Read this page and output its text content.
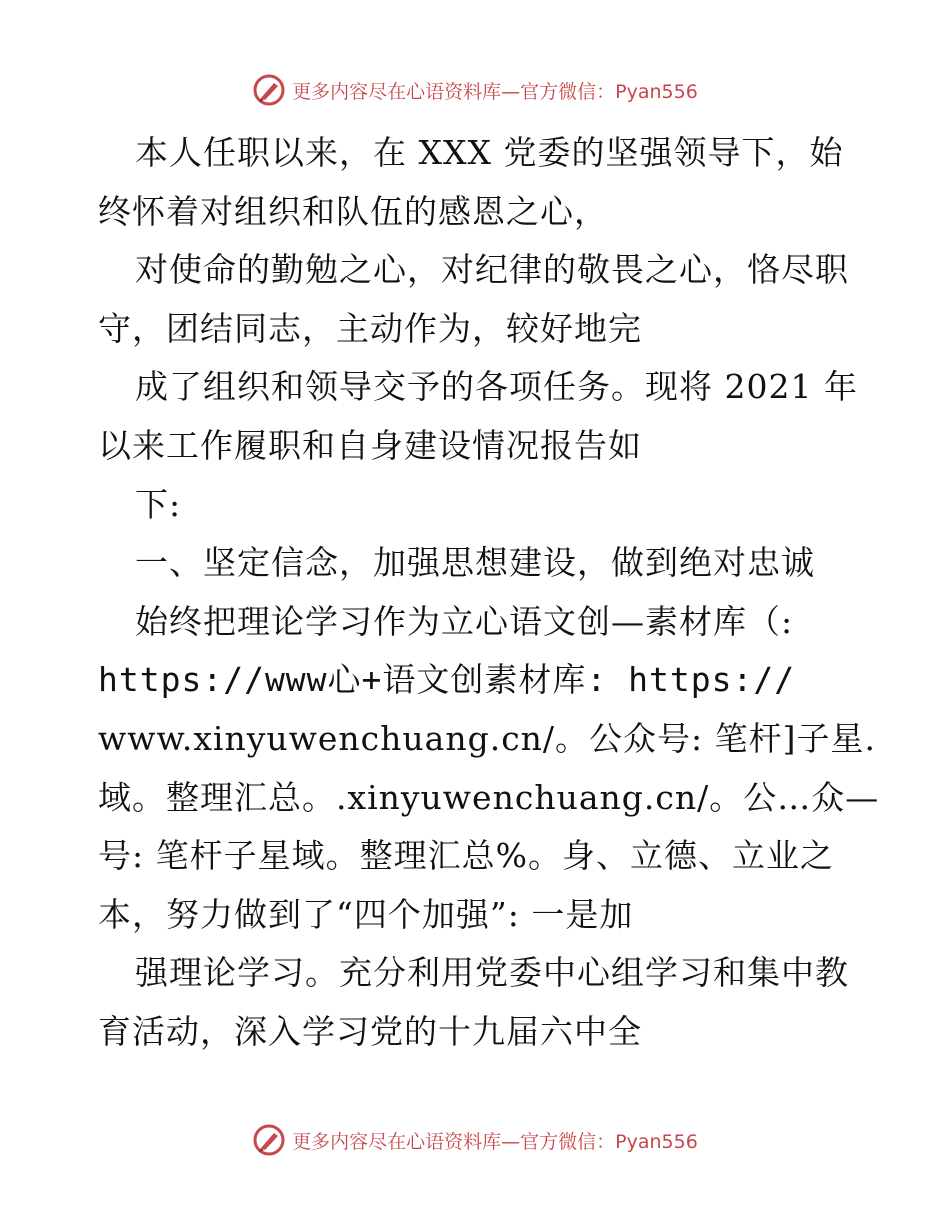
更多内容尽在心语资料库—官方微信：Pyan556
本人任职以来，在 XXX 党委的坚强领导下，始
终怀着对组织和队伍的感恩之心，
对使命的勤勉之心，对纪律的敬畏之心，恪尽职
守，团结同志，主动作为，较好地完
成了组织和领导交予的各项任务。现将 2021 年
以来工作履职和自身建设情况报告如
下:
一、坚定信念，加强思想建设，做到绝对忠诚
始终把理论学习作为立心语文创—素材库（:
https://www心+语文创素材库: https://
www.xinyuwenchuang.cn/。公众号: 笔杆]子星.
域。整理汇总。.xinyuwenchuang.cn/。公…众—
号: 笔杆子星域。整理汇总%。身、立德、立业之
本，努力做到了“四个加强”: 一是加
强理论学习。充分利用党委中心组学习和集中教
育活动，深入学习党的十九届六中全
更多内容尽在心语资料库—官方微信：Pyan556
